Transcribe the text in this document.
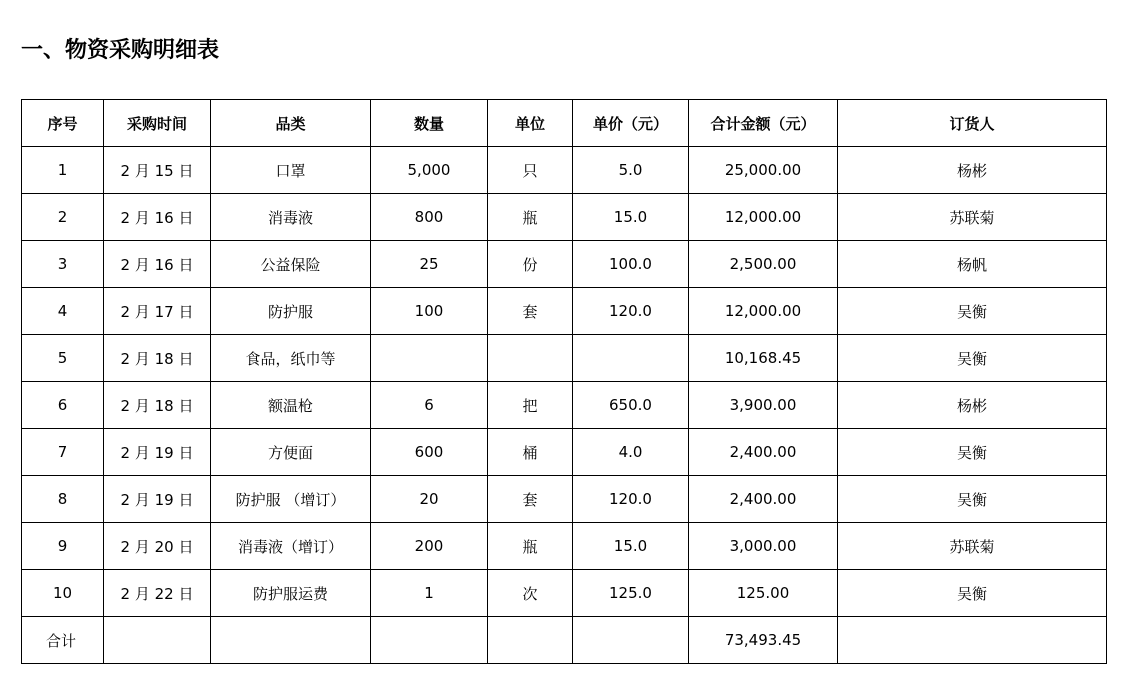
一、物资采购明细表
序号	采购时间	品类	数量	单位	单价（元）	合计金额（元）	订货人
1	2 月 15 日	口罩	5,000	只	5.0	25,000.00	杨彬
2	2 月 16 日	消毒液	800	瓶	15.0	12,000.00	苏联菊
3	2 月 16 日	公益保险	25	份	100.0	2,500.00	杨帆
4	2 月 17 日	防护服	100	套	120.0	12,000.00	吴衡
5	2 月 18 日	食品，纸巾等				10,168.45	吴衡
6	2 月 18 日	额温枪	6	把	650.0	3,900.00	杨彬
7	2 月 19 日	方便面	600	桶	4.0	2,400.00	吴衡
8	2 月 19 日	防护服 （增订）	20	套	120.0	2,400.00	吴衡
9	2 月 20 日	消毒液（增订）	200	瓶	15.0	3,000.00	苏联菊
10	2 月 22 日	防护服运费	1	次	125.0	125.00	吴衡
合计						73,493.45	
